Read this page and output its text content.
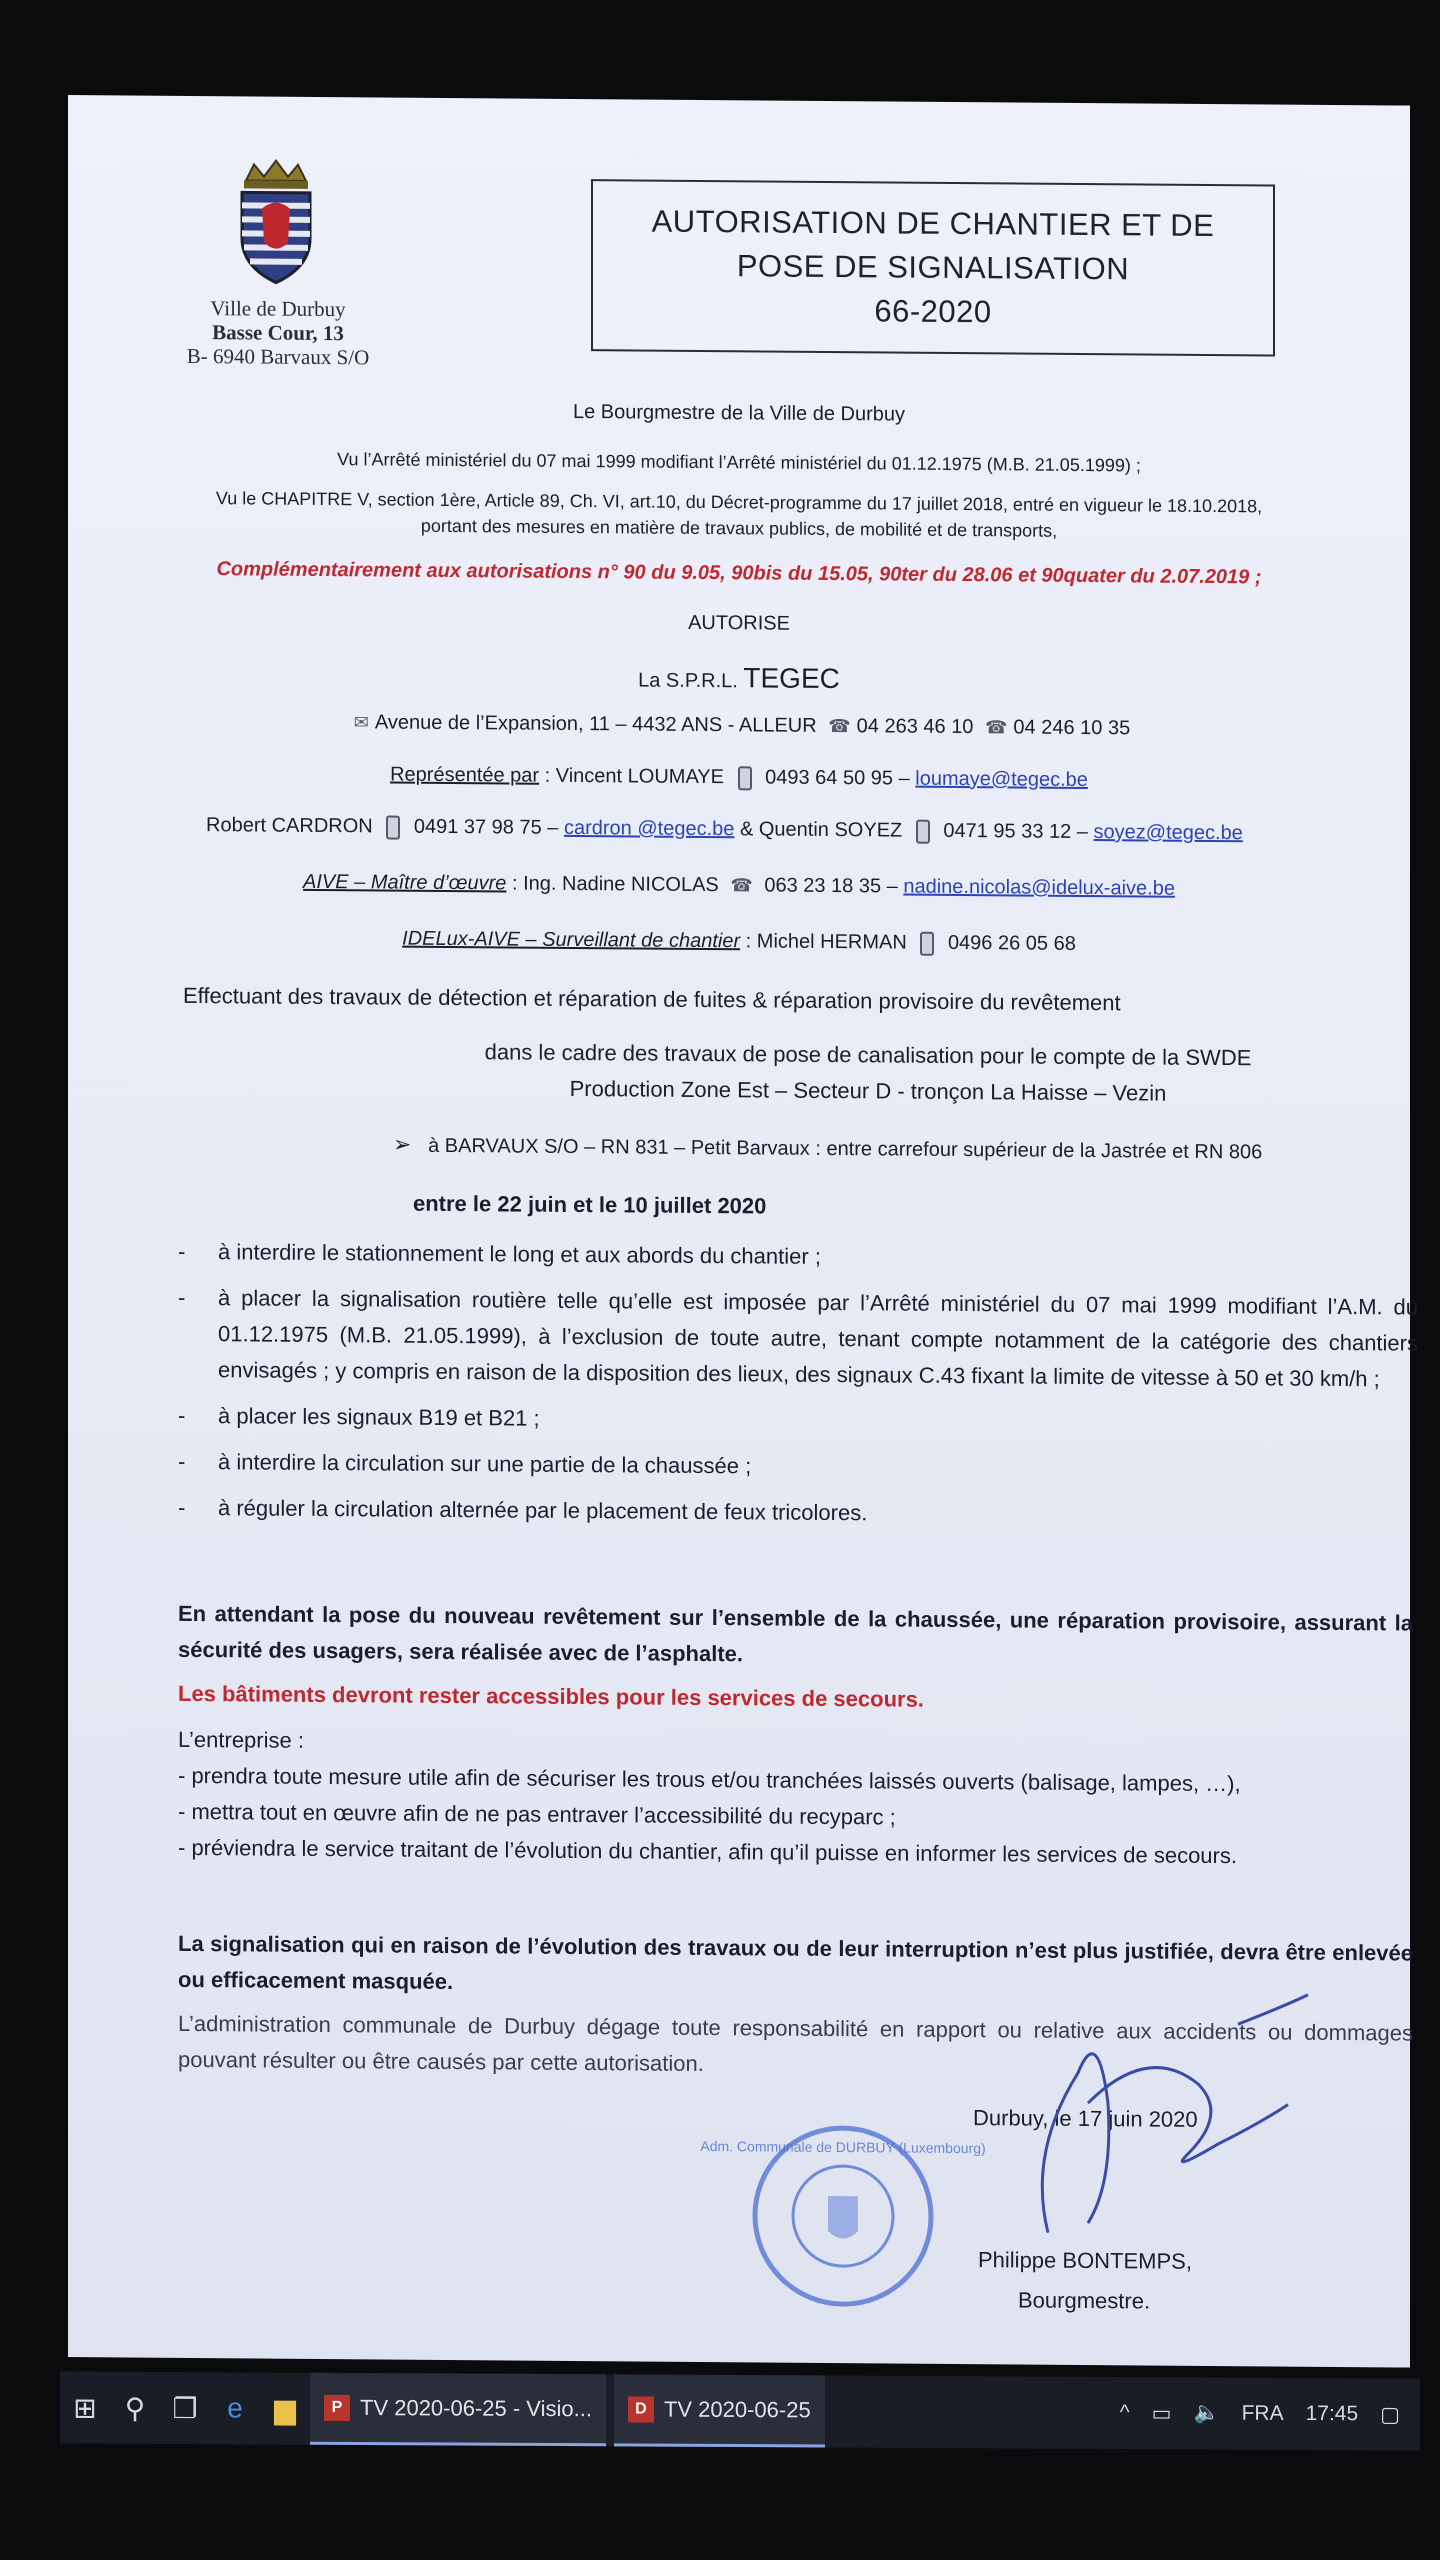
Ville de Durbuy
Basse Cour, 13
B- 6940 Barvaux S/O
AUTORISATION DE CHANTIER ET DE
POSE DE SIGNALISATION
66-2020
Le Bourgmestre de la Ville de Durbuy
Vu l’Arrêté ministériel du 07 mai 1999 modifiant l’Arrêté ministériel du 01.12.1975 (M.B. 21.05.1999) ;
Vu le CHAPITRE V, section 1ère, Article 89, Ch. VI, art.10, du Décret-programme du 17 juillet 2018, entré en vigueur le 18.10.2018,
portant des mesures en matière de travaux publics, de mobilité et de transports,
Complémentairement aux autorisations n° 90 du 9.05, 90bis du 15.05, 90ter du 28.06 et 90quater du 2.07.2019 ;
AUTORISE
La S.P.R.L. TEGEC
✉ Avenue de l’Expansion, 11 – 4432 ANS - ALLEUR ☎ 04 263 46 10 ☎ 04 246 10 35
Représentée par : Vincent LOUMAYE 0493 64 50 95 – loumaye@tegec.be
Robert CARDRON 0491 37 98 75 – cardron @tegec.be & Quentin SOYEZ 0471 95 33 12 – soyez@tegec.be
AIVE – Maître d’œuvre : Ing. Nadine NICOLAS ☎ 063 23 18 35 – nadine.nicolas@idelux-aive.be
IDELux-AIVE – Surveillant de chantier : Michel HERMAN 0496 26 05 68
Effectuant des travaux de détection et réparation de fuites & réparation provisoire du revêtement
dans le cadre des travaux de pose de canalisation pour le compte de la SWDE
Production Zone Est – Secteur D - tronçon La Haisse – Vezin
➢ à BARVAUX S/O – RN 831 – Petit Barvaux : entre carrefour supérieur de la Jastrée et RN 806
entre le 22 juin et le 10 juillet 2020
- à interdire le stationnement le long et aux abords du chantier ;
- à placer la signalisation routière telle qu’elle est imposée par l’Arrêté ministériel du 07 mai 1999 modifiant l’A.M. du 01.12.1975 (M.B. 21.05.1999), à l’exclusion de toute autre, tenant compte notamment de la catégorie des chantiers envisagés ; y compris en raison de la disposition des lieux, des signaux C.43 fixant la limite de vitesse à 50 et 30 km/h ;
- à placer les signaux B19 et B21 ;
- à interdire la circulation sur une partie de la chaussée ;
- à réguler la circulation alternée par le placement de feux tricolores.
En attendant la pose du nouveau revêtement sur l’ensemble de la chaussée, une réparation provisoire, assurant la sécurité des usagers, sera réalisée avec de l’asphalte.
Les bâtiments devront rester accessibles pour les services de secours.
L’entreprise :
- prendra toute mesure utile afin de sécuriser les trous et/ou tranchées laissés ouverts (balisage, lampes, …),
- mettra tout en œuvre afin de ne pas entraver l’accessibilité du recyparc ;
- préviendra le service traitant de l’évolution du chantier, afin qu’il puisse en informer les services de secours.
La signalisation qui en raison de l’évolution des travaux ou de leur interruption n’est plus justifiée, devra être enlevée ou efficacement masquée.
L’administration communale de Durbuy dégage toute responsabilité en rapport ou relative aux accidents ou dommages pouvant résulter ou être causés par cette autorisation.
Durbuy, le 17 juin 2020
Philippe BONTEMPS,
Bourgmestre.
Adm. Communale de DURBUY (Luxembourg)
⊞	⚲ ❐	e	▆	P TV 2020-06-25 - Visio...	D TV 2020-06-25	^ ▭ 🔈 FRA 17:45 ▢
